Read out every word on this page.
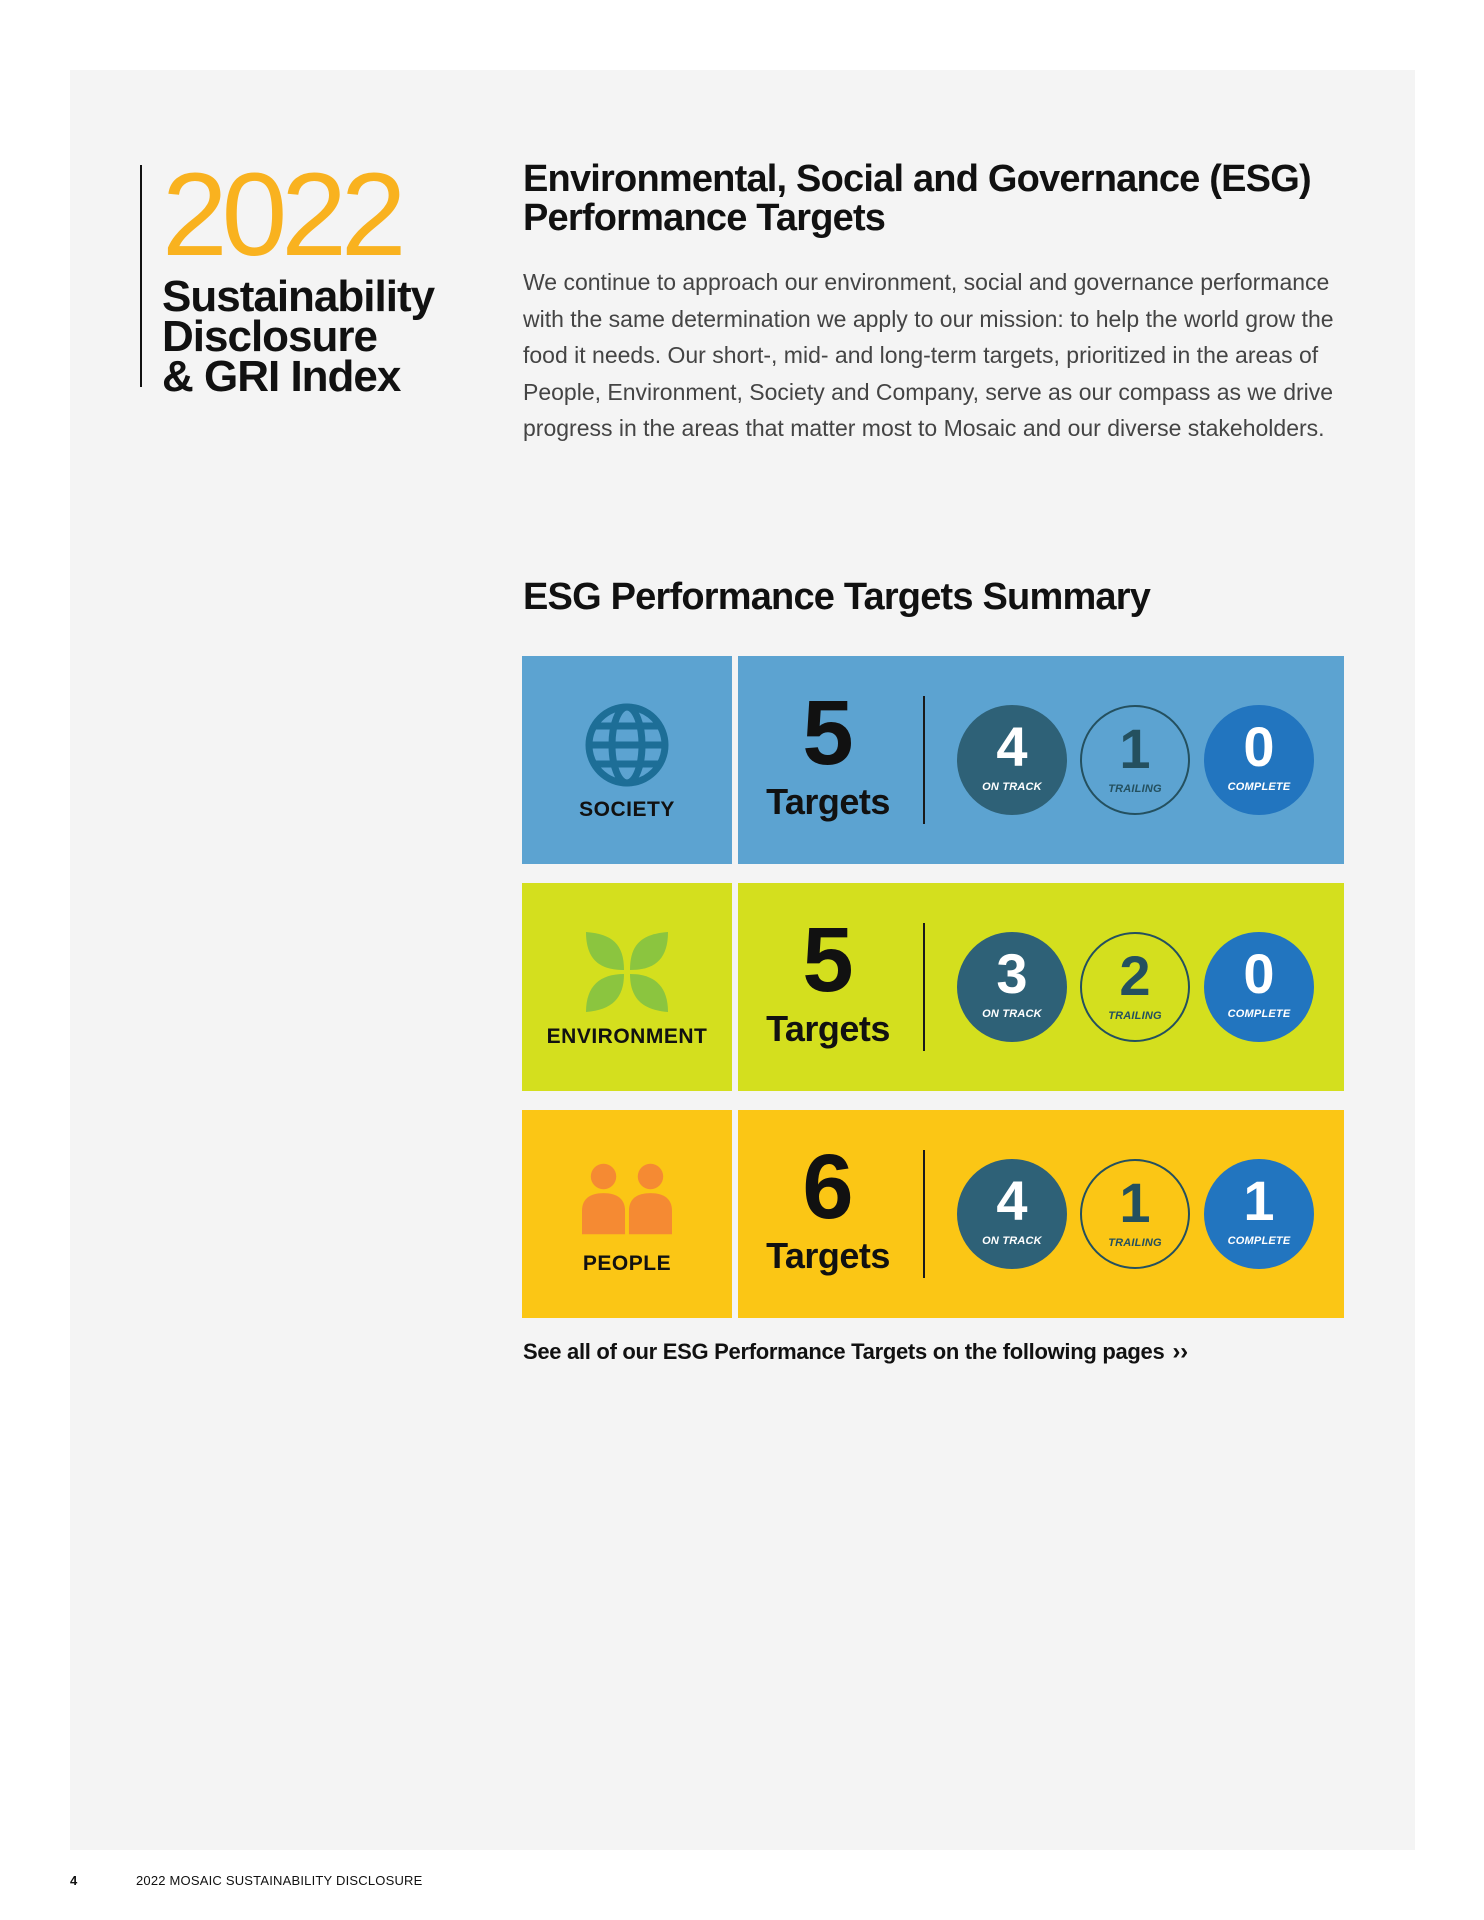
2022
Sustainability
Disclosure
& GRI Index
Environmental, Social and Governance (ESG) Performance Targets
We continue to approach our environment, social and governance performance with the same determination we apply to our mission: to help the world grow the food it needs. Our short-, mid- and long-term targets, prioritized in the areas of People, Environment, Society and Company, serve as our compass as we drive progress in the areas that matter most to Mosaic and our diverse stakeholders.
ESG Performance Targets Summary
SOCIETY
5
Targets
4
ON TRACK
1
TRAILING
0
COMPLETE
ENVIRONMENT
5
Targets
3
ON TRACK
2
TRAILING
0
COMPLETE
PEOPLE
6
Targets
4
ON TRACK
1
TRAILING
1
COMPLETE
See all of our ESG Performance Targets on the following pages ››
4	2022 MOSAIC SUSTAINABILITY DISCLOSURE
